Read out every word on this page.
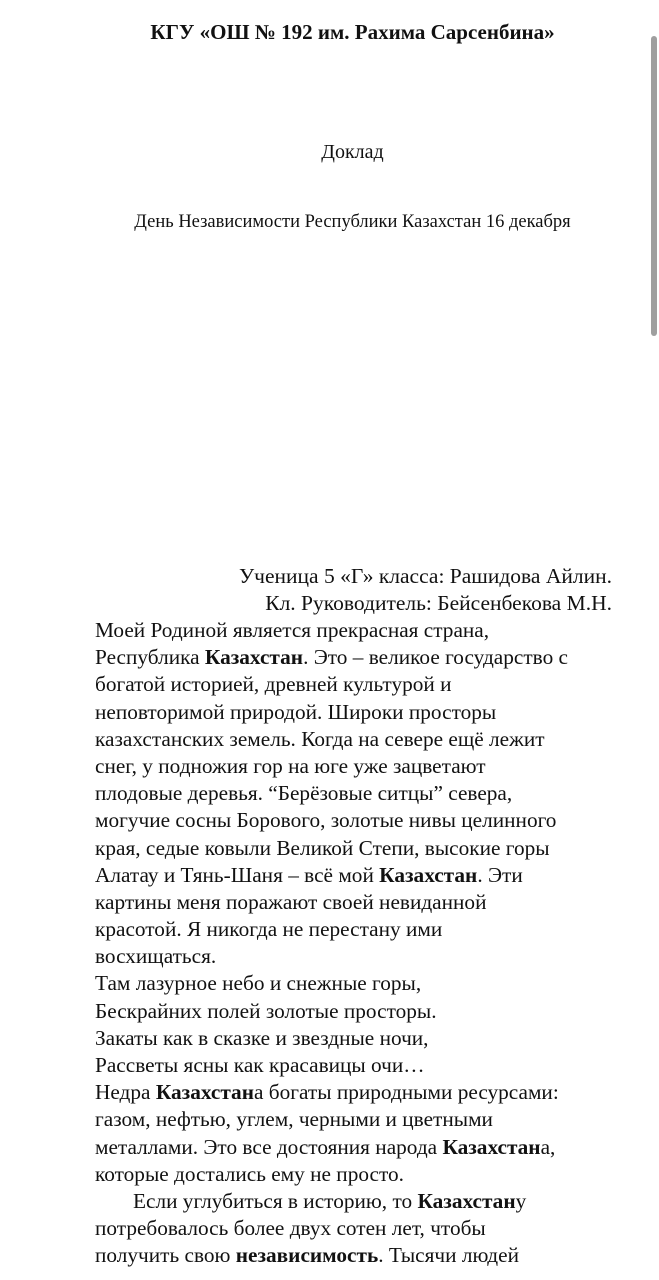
КГУ «ОШ № 192 им. Рахима Сарсенбина»
Доклад
День Независимости Республики Казахстан 16 декабря
Ученица 5 «Г» класса: Рашидова Айлин.
Кл. Руководитель: Бейсенбекова М.Н.
Моей Родиной является прекрасная страна,
Республика Казахстан. Это – великое государство с
богатой историей, древней культурой и
неповторимой природой. Широки просторы
казахстанских земель. Когда на севере ещё лежит
снег, у подножия гор на юге уже зацветают
плодовые деревья. “Берёзовые ситцы” севера,
могучие сосны Борового, золотые нивы целинного
края, седые ковыли Великой Степи, высокие горы
Алатау и Тянь-Шаня – всё мой Казахстан. Эти
картины меня поражают своей невиданной
красотой. Я никогда не перестану ими
восхищаться.
Там лазурное небо и снежные горы,
Бескрайних полей золотые просторы.
Закаты как в сказке и звездные ночи,
Рассветы ясны как красавицы очи…
Недра Казахстана богаты природными ресурсами:
газом, нефтью, углем, черными и цветными
металлами. Это все достояния народа Казахстана,
которые достались ему не просто.
Если углубиться в историю, то Казахстану
потребовалось более двух сотен лет, чтобы
получить свою независимость. Тысячи людей
